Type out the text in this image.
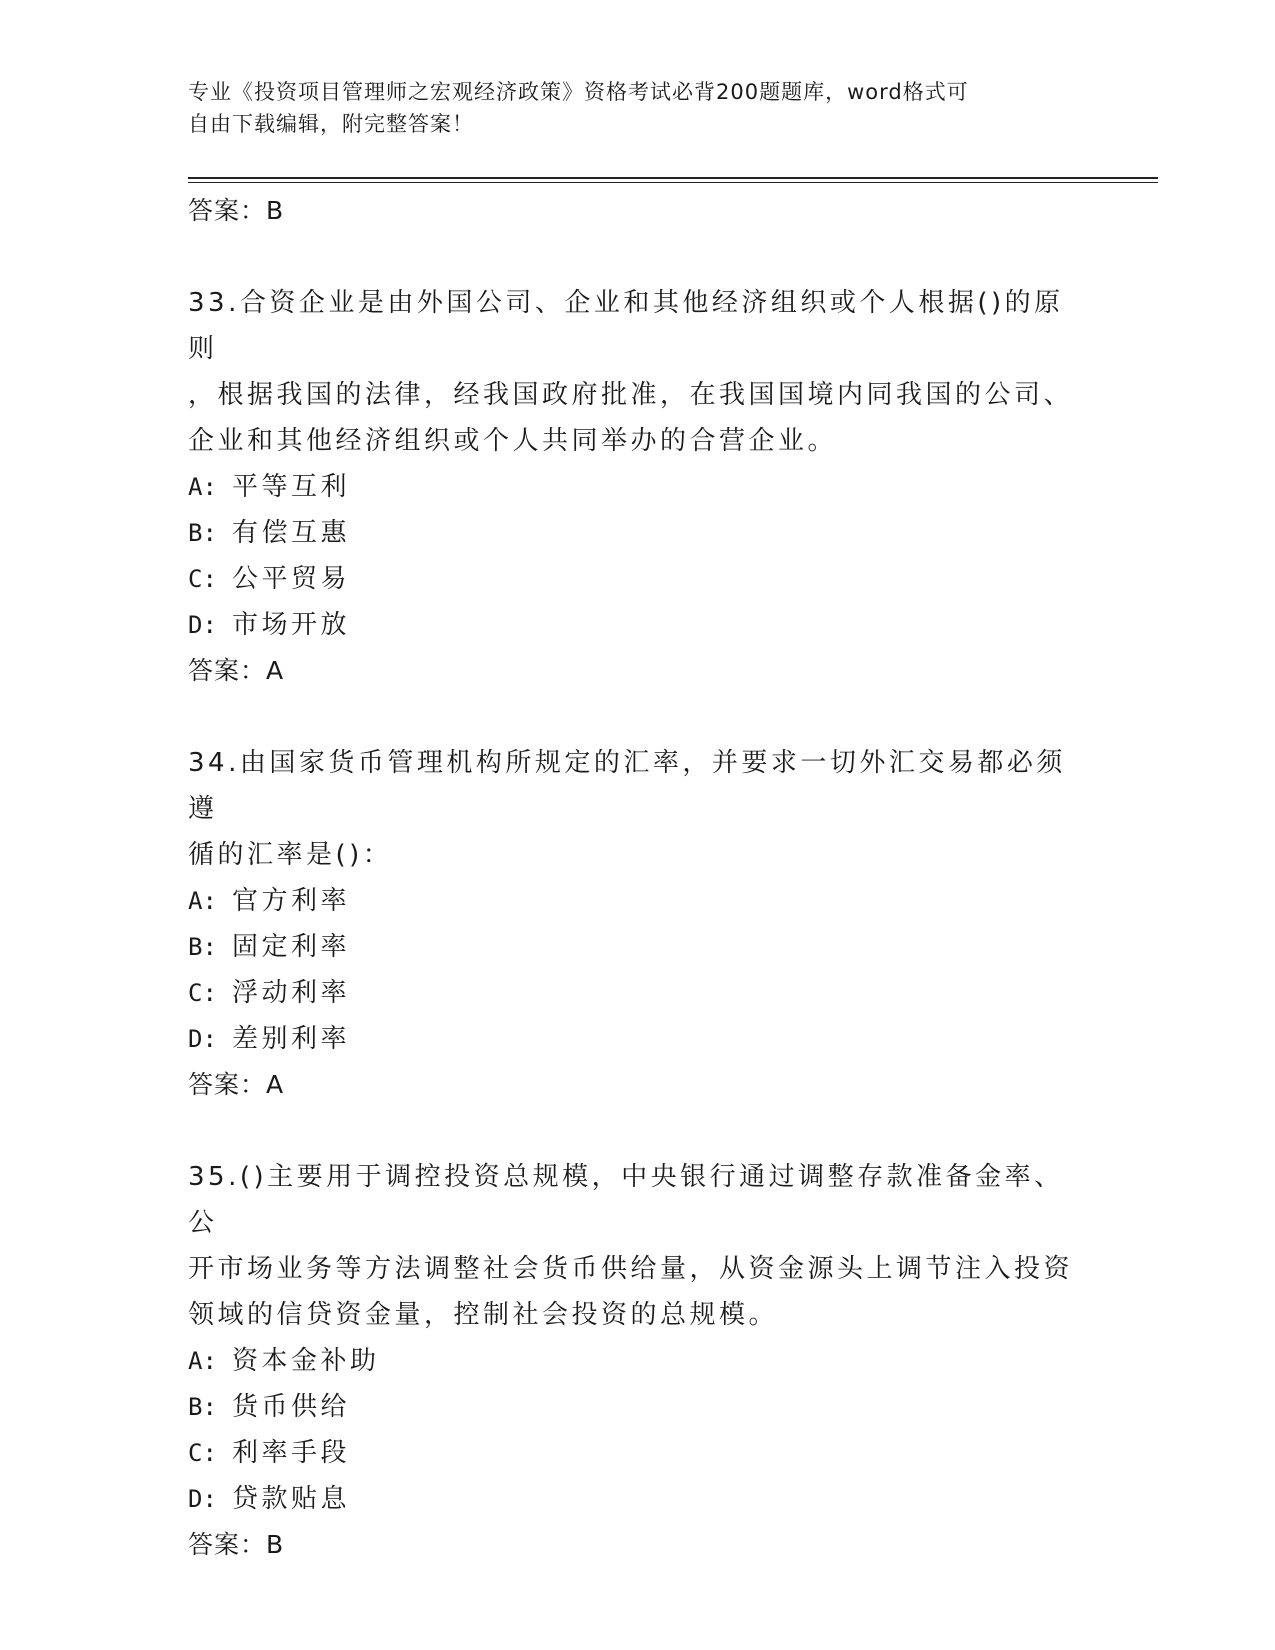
专业《投资项目管理师之宏观经济政策》资格考试必背200题题库，word格式可
自由下载编辑，附完整答案！
答案：B
33.合资企业是由外国公司、企业和其他经济组织或个人根据()的原则
，根据我国的法律，经我国政府批准，在我国国境内同我国的公司、
企业和其他经济组织或个人共同举办的合营企业。
A: 平等互利
B: 有偿互惠
C: 公平贸易
D: 市场开放
答案：A
34.由国家货币管理机构所规定的汇率，并要求一切外汇交易都必须遵
循的汇率是()：
A: 官方利率
B: 固定利率
C: 浮动利率
D: 差别利率
答案：A
35.()主要用于调控投资总规模，中央银行通过调整存款准备金率、公
开市场业务等方法调整社会货币供给量，从资金源头上调节注入投资
领域的信贷资金量，控制社会投资的总规模。
A: 资本金补助
B: 货币供给
C: 利率手段
D: 贷款贴息
答案：B
